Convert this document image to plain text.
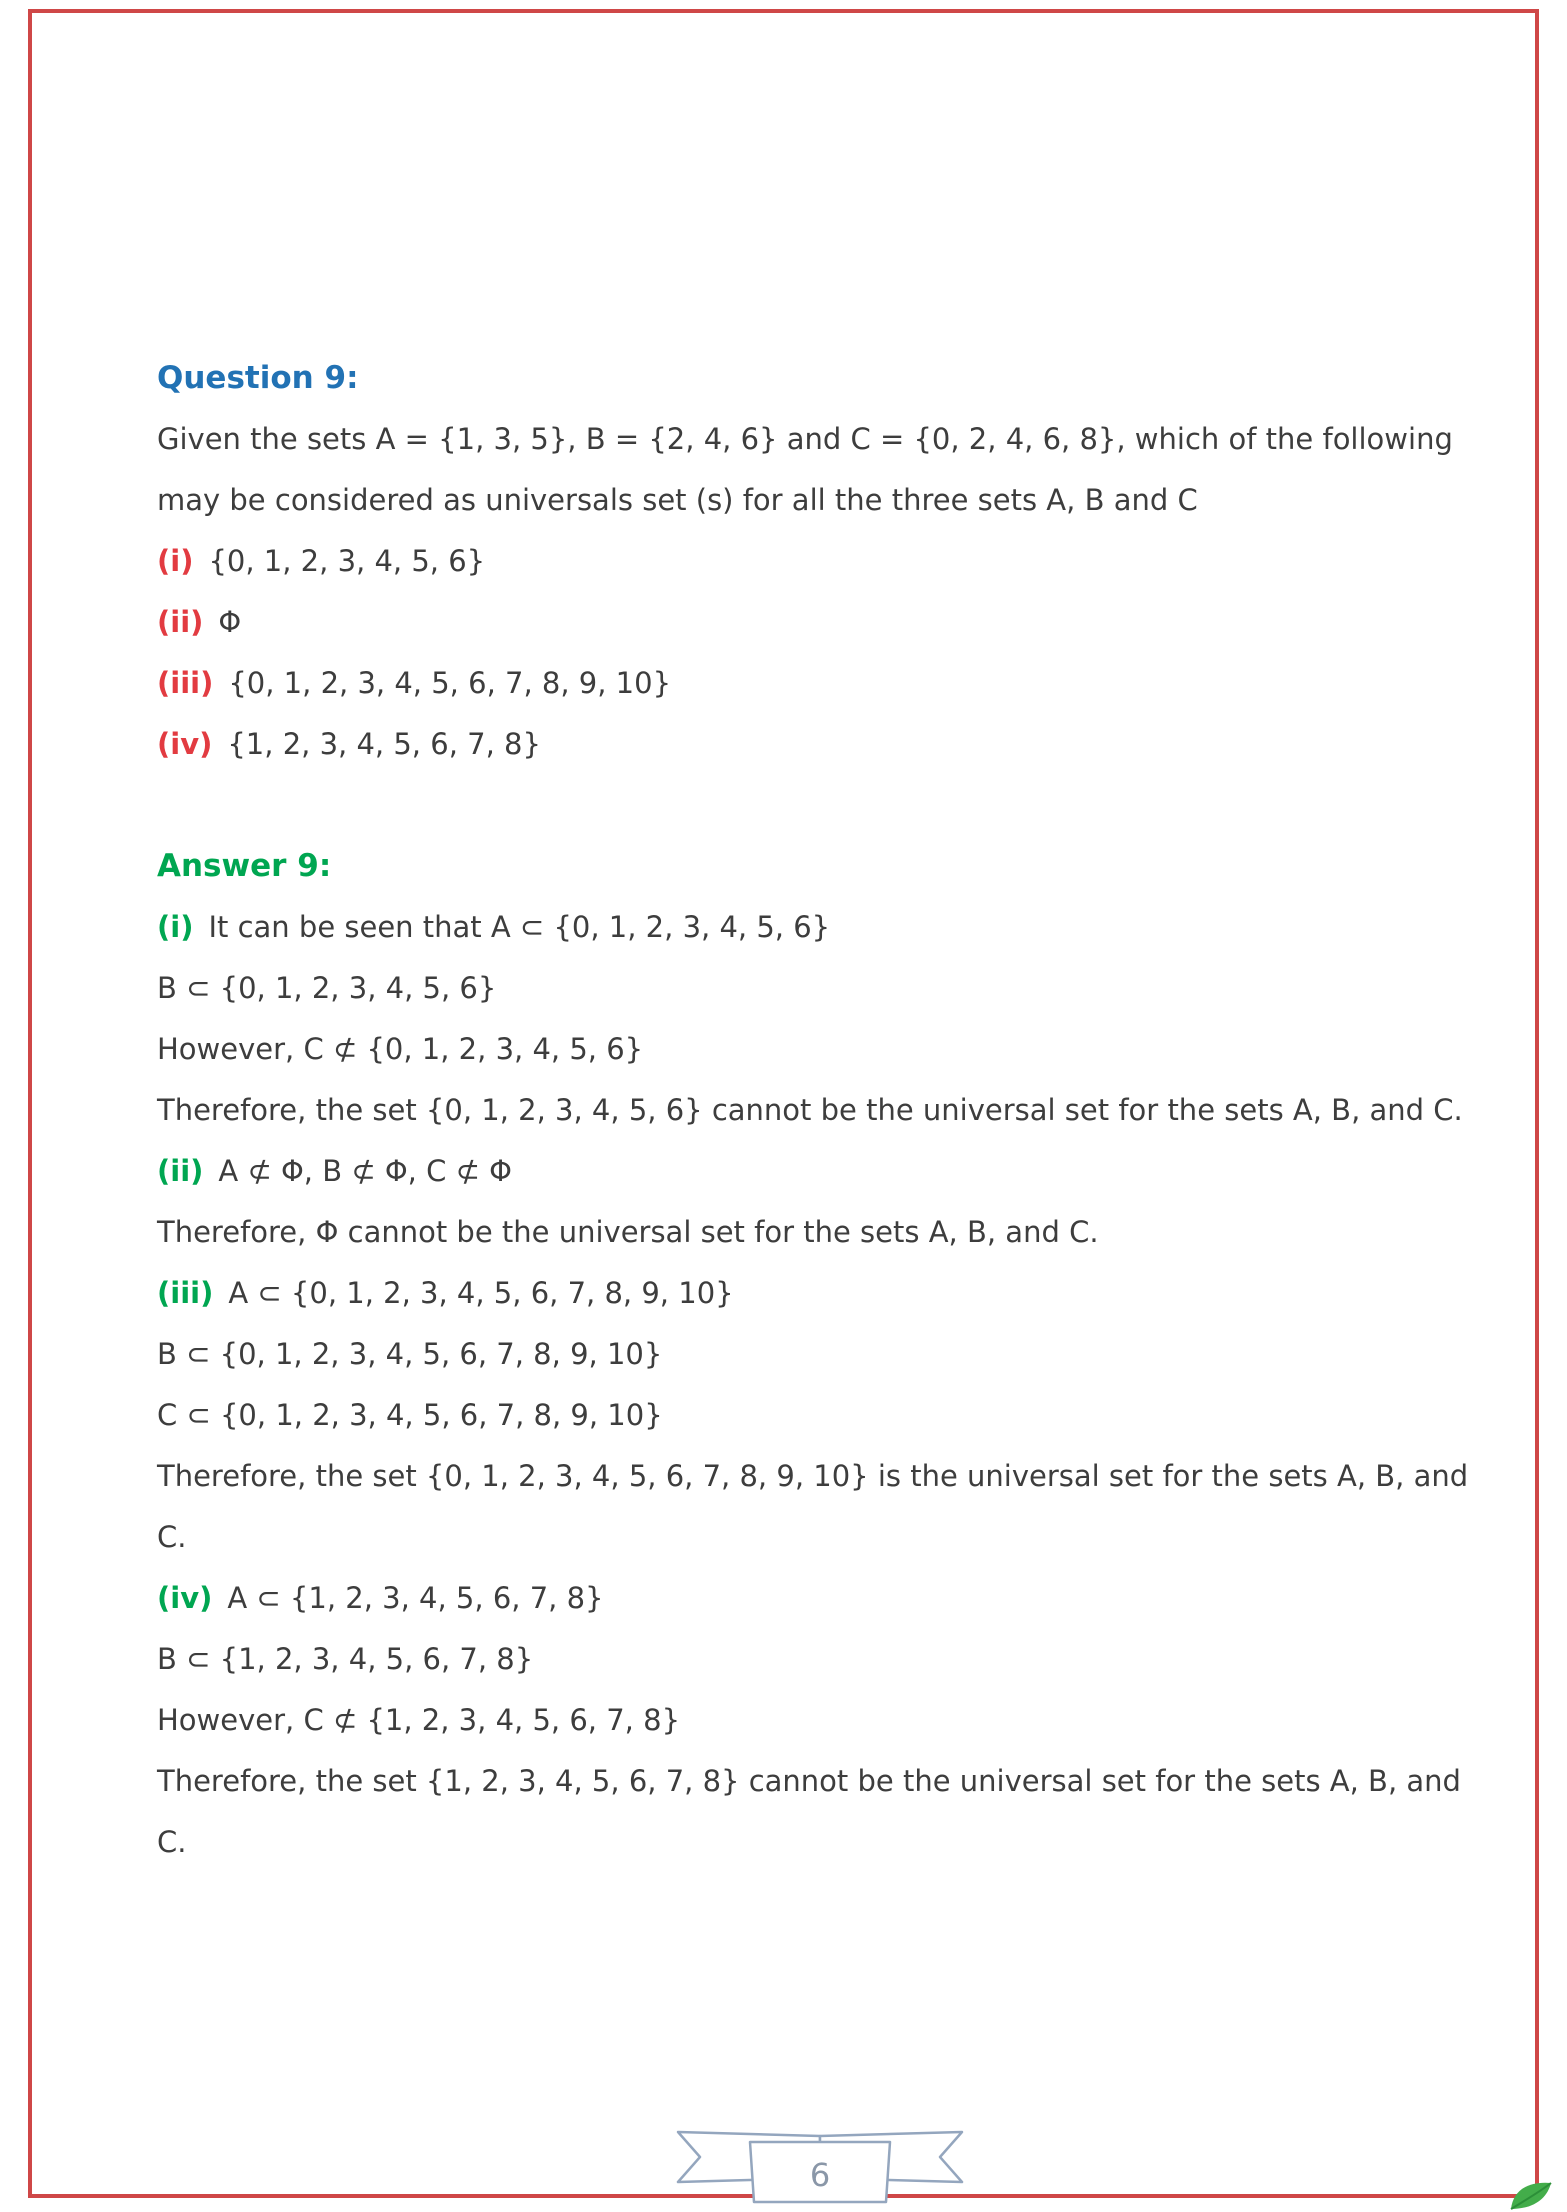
Question 9:

Given the sets A = {1, 3, 5}, B = {2, 4, 6} and C = {0, 2, 4, 6, 8}, which of the following may be considered as universals set (s) for all the three sets A, B and C

(i) {0, 1, 2, 3, 4, 5, 6}
(ii) Φ
(iii) {0, 1, 2, 3, 4, 5, 6, 7, 8, 9, 10}
(iv) {1, 2, 3, 4, 5, 6, 7, 8}
Answer 9:
(i) It can be seen that A ⊂ {0, 1, 2, 3, 4, 5, 6}
B ⊂ {0, 1, 2, 3, 4, 5, 6}
However, C ⊄ {0, 1, 2, 3, 4, 5, 6}
Therefore, the set {0, 1, 2, 3, 4, 5, 6} cannot be the universal set for the sets A, B, and C.
(ii) A ⊄ Φ, B ⊄ Φ, C ⊄ Φ
Therefore, Φ cannot be the universal set for the sets A, B, and C.
(iii) A ⊂ {0, 1, 2, 3, 4, 5, 6, 7, 8, 9, 10}
B ⊂ {0, 1, 2, 3, 4, 5, 6, 7, 8, 9, 10}
C ⊂ {0, 1, 2, 3, 4, 5, 6, 7, 8, 9, 10}
Therefore, the set {0, 1, 2, 3, 4, 5, 6, 7, 8, 9, 10} is the universal set for the sets A, B, and C.
(iv) A ⊂ {1, 2, 3, 4, 5, 6, 7, 8}
B ⊂ {1, 2, 3, 4, 5, 6, 7, 8}
However, C ⊄ {1, 2, 3, 4, 5, 6, 7, 8}
Therefore, the set {1, 2, 3, 4, 5, 6, 7, 8} cannot be the universal set for the sets A, B, and C.
6
